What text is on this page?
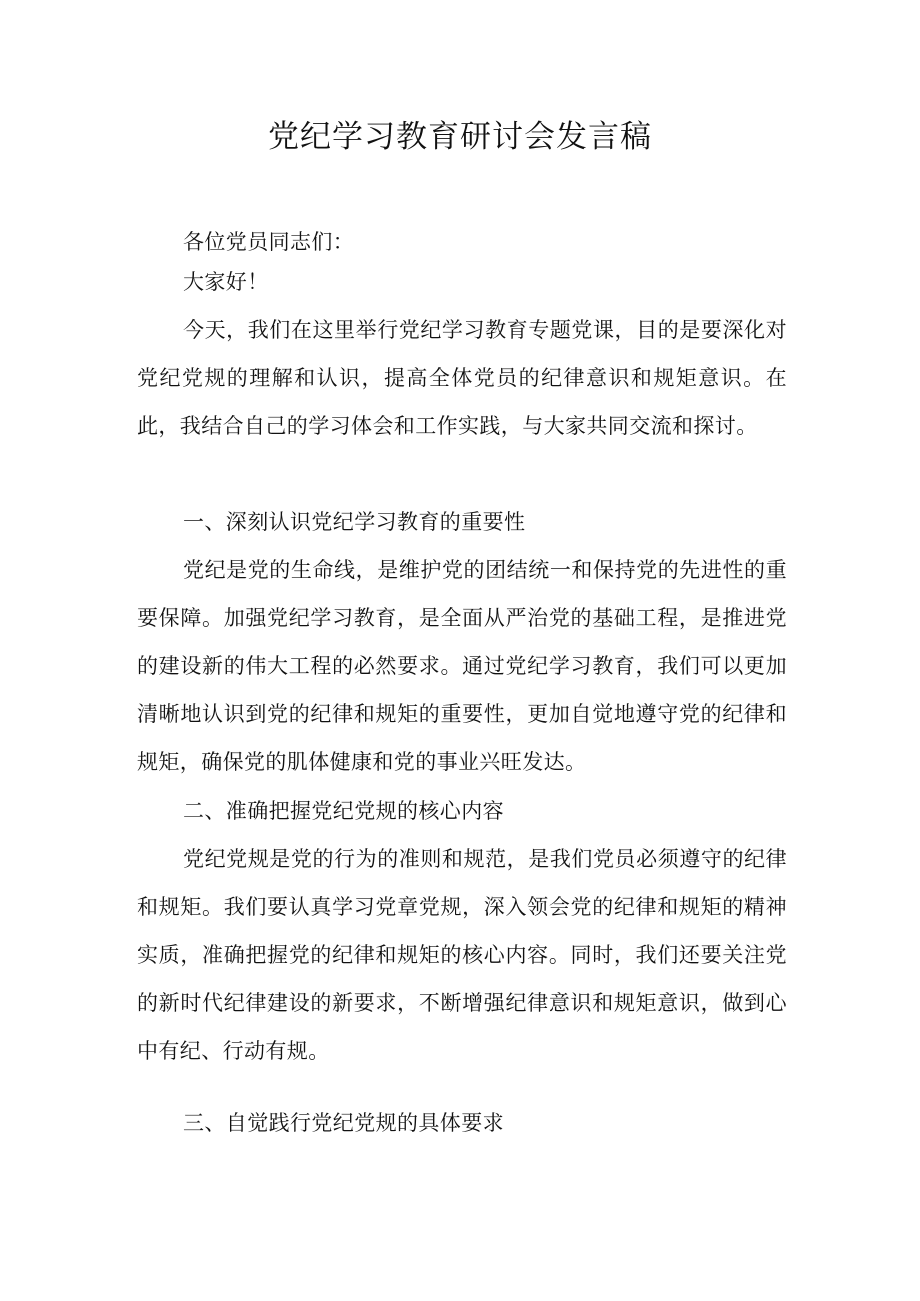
党纪学习教育研讨会发言稿

各位党员同志们：

大家好！

今天，我们在这里举行党纪学习教育专题党课，目的是要深化对党纪党规的理解和认识，提高全体党员的纪律意识和规矩意识。在此，我结合自己的学习体会和工作实践，与大家共同交流和探讨。

一、深刻认识党纪学习教育的重要性

党纪是党的生命线，是维护党的团结统一和保持党的先进性的重要保障。加强党纪学习教育，是全面从严治党的基础工程，是推进党的建设新的伟大工程的必然要求。通过党纪学习教育，我们可以更加清晰地认识到党的纪律和规矩的重要性，更加自觉地遵守党的纪律和规矩，确保党的肌体健康和党的事业兴旺发达。

二、准确把握党纪党规的核心内容

党纪党规是党的行为的准则和规范，是我们党员必须遵守的纪律和规矩。我们要认真学习党章党规，深入领会党的纪律和规矩的精神实质，准确把握党的纪律和规矩的核心内容。同时，我们还要关注党的新时代纪律建设的新要求，不断增强纪律意识和规矩意识，做到心中有纪、行动有规。

三、自觉践行党纪党规的具体要求
